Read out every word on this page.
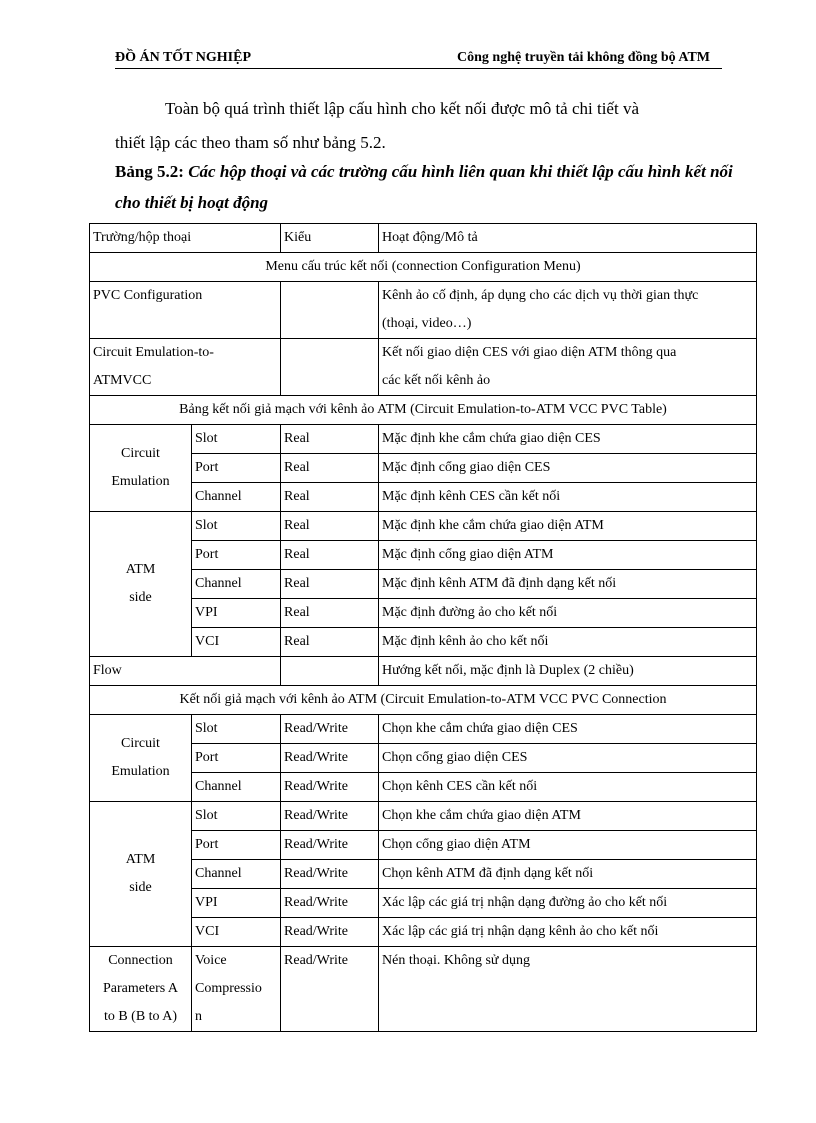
ĐỒ ÁN TỐT NGHIỆP	Công nghệ truyền tải không đồng bộ ATM
Toàn bộ quá trình thiết lập cấu hình cho kết nối được mô tả chi tiết và
thiết lập các theo tham số như bảng 5.2.
Bảng 5.2: Các hộp thoại và các trường cấu hình liên quan khi thiết lập cấu hình kết nối cho thiết bị hoạt động
Trường/hộp thoại		Kiểu	Hoạt động/Mô tả
Menu cấu trúc kết nối (connection Configuration Menu)			
PVC Configuration			Kênh ảo cố định, áp dụng cho các dịch vụ thời gian thực
(thoại, video…)

Circuit Emulation-to-
ATMVCC			Kết nối giao diện CES với giao diện ATM thông qua
các kết nối kênh ảo

Bảng kết nối giả mạch với kênh ảo ATM (Circuit Emulation-to-ATM VCC PVC Table)			

Circuit
Emulation	Slot	Real	Mặc định khe cắm chứa giao diện CES
	Port	Real	Mặc định cổng giao diện CES
	Channel	Real	Mặc định kênh CES cần kết nối

ATM
side	Slot	Real	Mặc định khe cắm chứa giao diện ATM
	Port	Real	Mặc định cổng giao diện ATM
	Channel	Real	Mặc định kênh ATM đã định dạng kết nối
	VPI	Real	Mặc định đường ảo cho kết nối
	VCI	Real	Mặc định kênh ảo cho kết nối
Flow			Hướng kết nối, mặc định là Duplex (2 chiều)
Kết nối giả mạch với kênh ảo ATM (Circuit Emulation-to-ATM VCC PVC Connection			

Circuit
Emulation	Slot	Read/Write	Chọn khe cắm chứa giao diện CES
	Port	Read/Write	Chọn cổng giao diện CES
	Channel	Read/Write	Chọn kênh CES cần kết nối

ATM
side	Slot	Read/Write	Chọn khe cắm chứa giao diện ATM
	Port	Read/Write	Chọn cổng giao diện ATM
	Channel	Read/Write	Chọn kênh ATM đã định dạng kết nối
	VPI	Read/Write	Xác lập các giá trị nhận dạng đường ảo cho kết nối
	VCI	Read/Write	Xác lập các giá trị nhận dạng kênh ảo cho kết nối

Connection
Parameters A
to B (B to A)	Voice
Compressio
n	Read/Write	Nén thoại. Không sử dụng
